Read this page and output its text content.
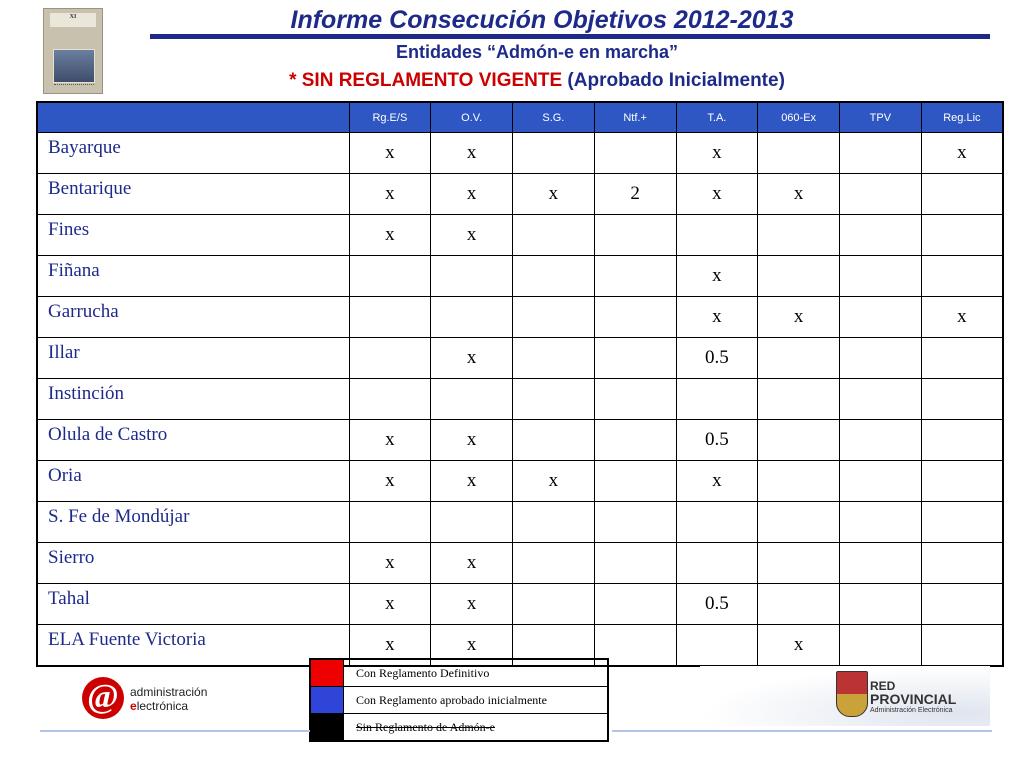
XI	Informe Consecución Objetivos 2012-2013
Entidades “Admón-e en marcha”
* SIN REGLAMENTO VIGENTE (Aprobado Inicialmente)
	Rg.E/S	O.V.	S.G.	Ntf.+	T.A.	060-Ex	TPV	Reg.Lic
Bayarque	x	x			x			x
Bentarique	x	x	x	2	x	x		
Fines	x	x						
Fiñana					x			
Garrucha					x	x		x
Illar		x			0.5			
Instinción								
Olula de Castro	x	x			0.5			
Oria	x	x	x		x			
S. Fe de Mondújar								
Sierro	x	x						
Tahal	x	x			0.5			
ELA Fuente Victoria	x	x				x		
	Con Reglamento Definitivo
	Con Reglamento aprobado inicialmente
	Sin Reglamento de Admón-e
@ administración
electrónica
RED
PROVINCIAL
Administración Electrónica
